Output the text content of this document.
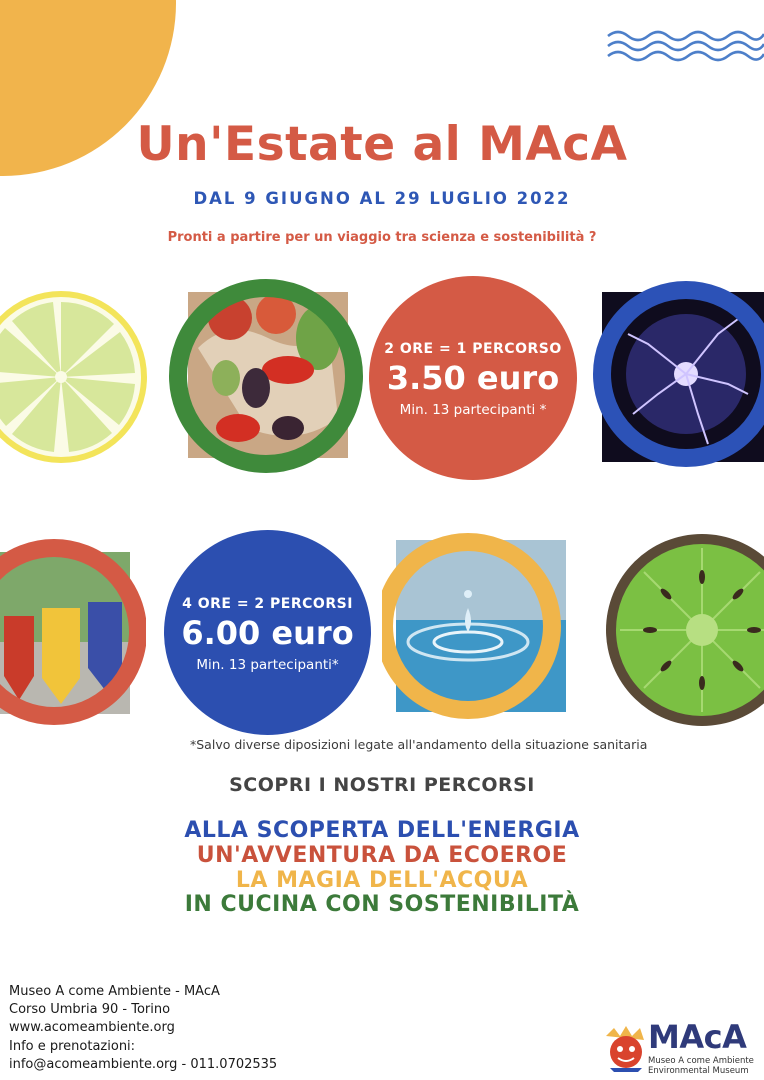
Un'Estate al MAcA
DAL 9 GIUGNO AL 29 LUGLIO 2022
Pronti a partire per un viaggio tra scienza e sostenibilità ?
2 ORE = 1 PERCORSO
3.50 euro
Min. 13 partecipanti *
4 ORE = 2 PERCORSI
6.00 euro
Min. 13 partecipanti*
*Salvo diverse diposizioni legate all'andamento della situazione sanitaria
SCOPRI I NOSTRI PERCORSI
ALLA SCOPERTA DELL'ENERGIA
UN'AVVENTURA DA ECOEROE
LA MAGIA DELL'ACQUA
IN CUCINA CON SOSTENIBILITÀ
Museo A come Ambiente - MAcA
Corso Umbria 90 - Torino
www.acomeambiente.org
Info e prenotazioni:
info@acomeambiente.org - 011.0702535
MAcA
Museo A come Ambiente
Environmental Museum
